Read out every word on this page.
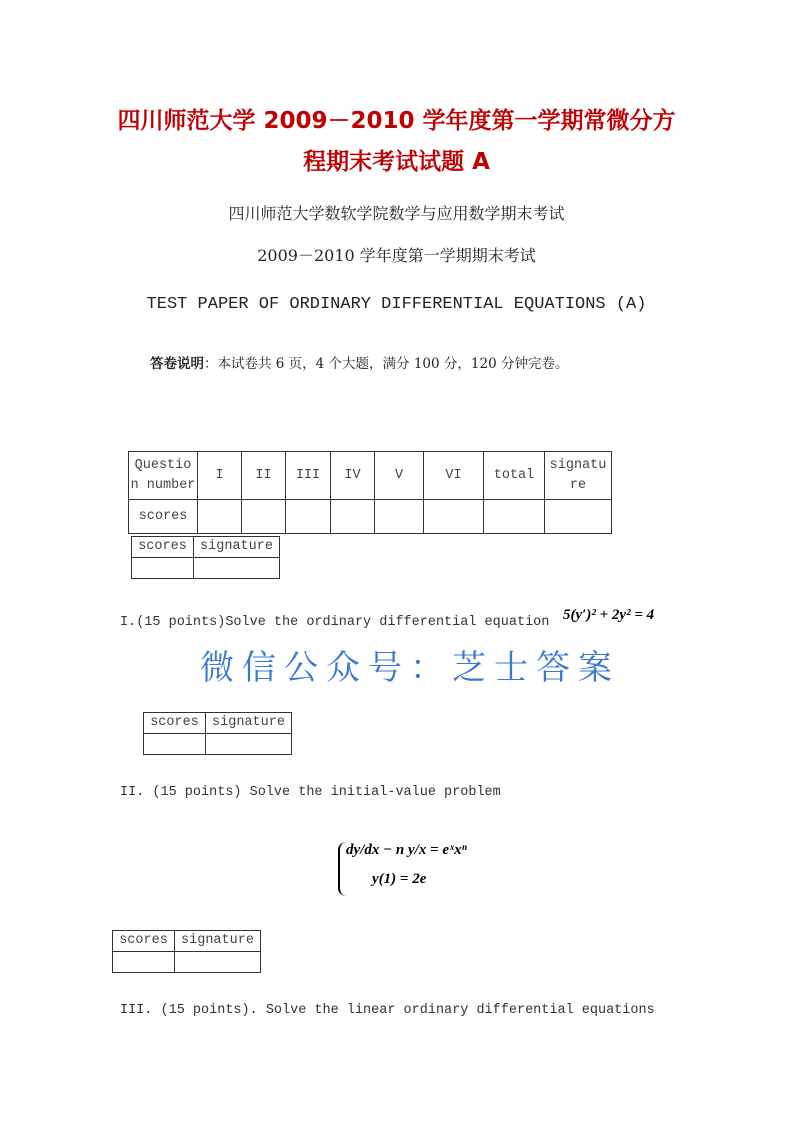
四川师范大学 2009－2010 学年度第一学期常微分方
程期末考试试题 A
四川师范大学数软学院数学与应用数学期末考试
2009－2010 学年度第一学期期末考试
TEST PAPER OF ORDINARY DIFFERENTIAL EQUATIONS (A)
答卷说明：本试卷共 6 页，4 个大题，满分 100 分，120 分钟完卷。
Questio n number	I	II	III	IV	V	VI	total	signatu re
scores								
scores	signature

I.(15 points)Solve the ordinary differential equation 5(y′)² + 2y² = 4
微信公众号：芝士答案
scores	signature

II. (15 points) Solve the initial-value problem
dy/dx − n y/x = eˣxⁿ
y(1) = 2e
scores	signature

III. (15 points). Solve the linear ordinary differential equations
